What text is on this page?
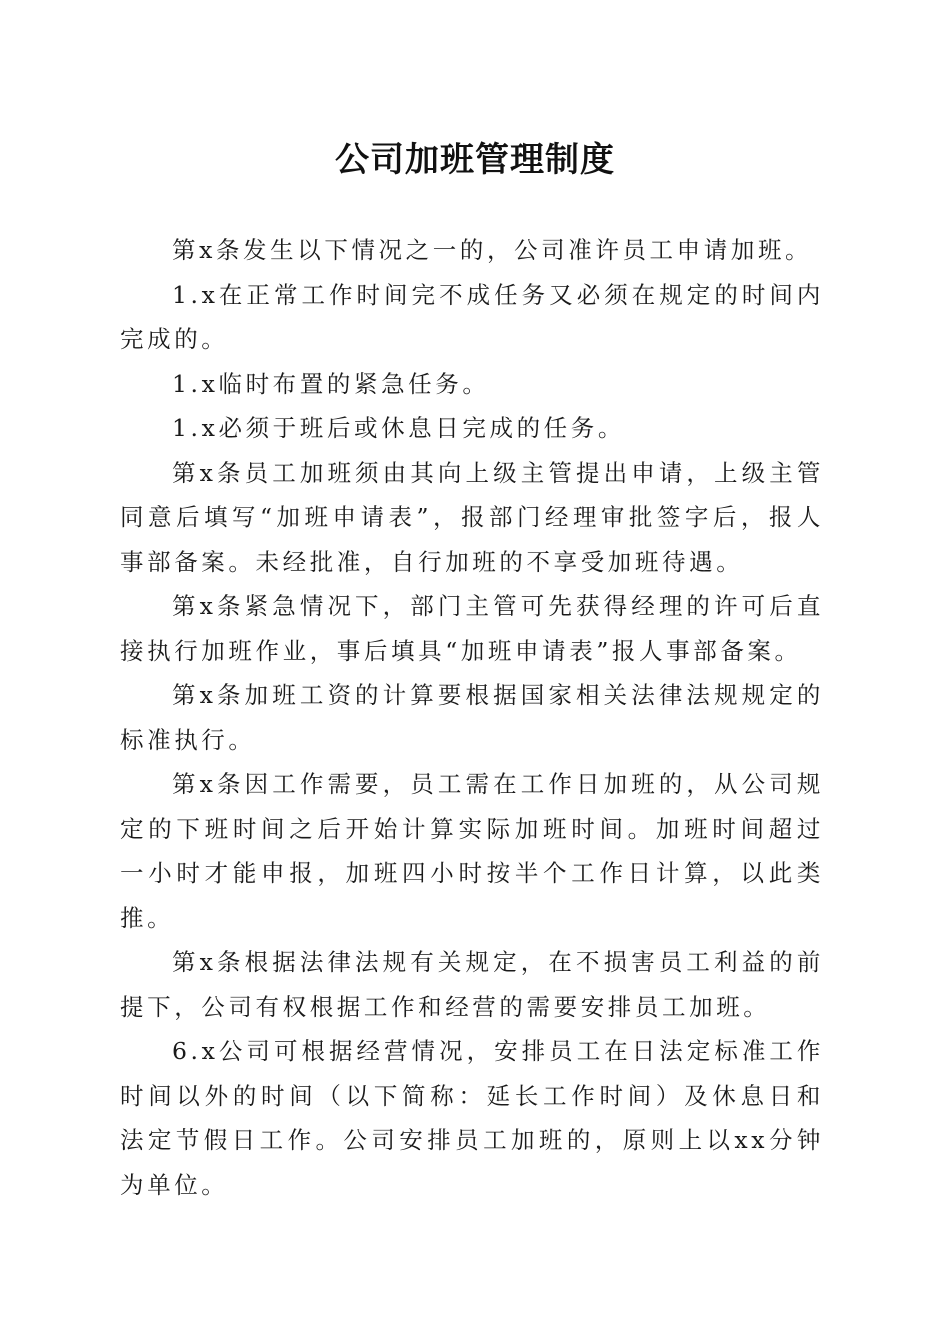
公司加班管理制度

第x条发生以下情况之一的，公司准许员工申请加班。

1.x在正常工作时间完不成任务又必须在规定的时间内完成的。

1.x临时布置的紧急任务。

1.x必须于班后或休息日完成的任务。

第x条员工加班须由其向上级主管提出申请，上级主管同意后填写“加班申请表”，报部门经理审批签字后，报人事部备案。未经批准，自行加班的不享受加班待遇。

第x条紧急情况下，部门主管可先获得经理的许可后直接执行加班作业，事后填具“加班申请表”报人事部备案。

第x条加班工资的计算要根据国家相关法律法规规定的标准执行。

第x条因工作需要，员工需在工作日加班的，从公司规定的下班时间之后开始计算实际加班时间。加班时间超过一小时才能申报，加班四小时按半个工作日计算，以此类推。

第x条根据法律法规有关规定，在不损害员工利益的前提下，公司有权根据工作和经营的需要安排员工加班。

6.x公司可根据经营情况，安排员工在日法定标准工作时间以外的时间（以下简称：延长工作时间）及休息日和法定节假日工作。公司安排员工加班的，原则上以xx分钟为单位。
